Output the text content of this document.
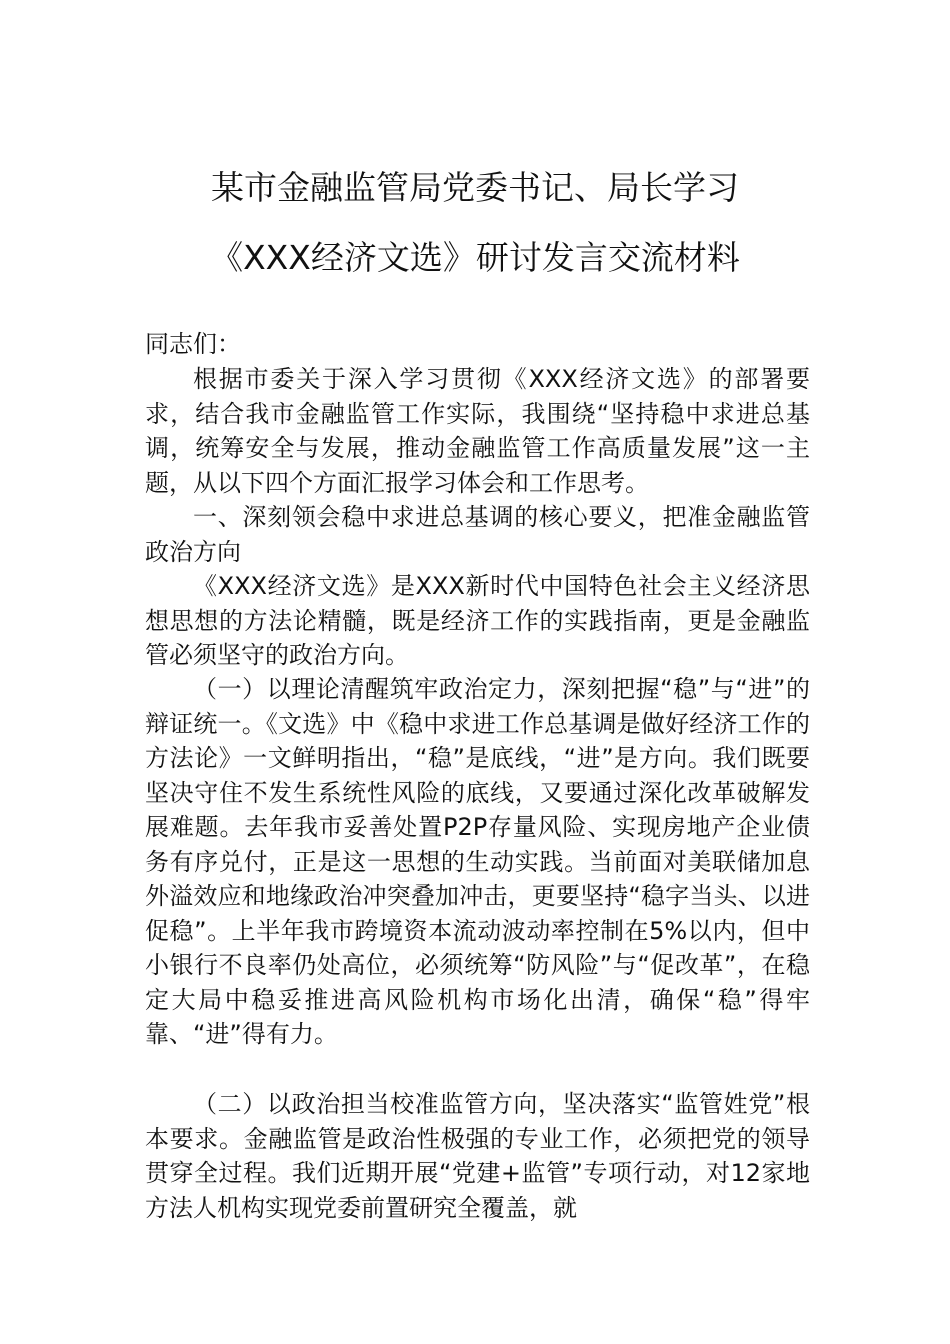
某市金融监管局党委书记、局长学习
《XXX经济文选》研讨发言交流材料
同志们：
根据市委关于深入学习贯彻《XXX经济文选》的部署要求，结合我市金融监管工作实际，我围绕“坚持稳中求进总基调，统筹安全与发展，推动金融监管工作高质量发展”这一主题，从以下四个方面汇报学习体会和工作思考。
一、深刻领会稳中求进总基调的核心要义，把准金融监管政治方向
《XXX经济文选》是XXX新时代中国特色社会主义经济思想思想的方法论精髓，既是经济工作的实践指南，更是金融监管必须坚守的政治方向。
（一）以理论清醒筑牢政治定力，深刻把握“稳”与“进”的辩证统一。《文选》中《稳中求进工作总基调是做好经济工作的方法论》一文鲜明指出，“稳”是底线，“进”是方向。我们既要坚决守住不发生系统性风险的底线，又要通过深化改革破解发展难题。去年我市妥善处置P2P存量风险、实现房地产企业债务有序兑付，正是这一思想的生动实践。当前面对美联储加息外溢效应和地缘政治冲突叠加冲击，更要坚持“稳字当头、以进促稳”。上半年我市跨境资本流动波动率控制在5%以内，但中小银行不良率仍处高位，必须统筹“防风险”与“促改革”，在稳定大局中稳妥推进高风险机构市场化出清，确保“稳”得牢靠、“进”得有力。
（二）以政治担当校准监管方向，坚决落实“监管姓党”根本要求。金融监管是政治性极强的专业工作，必须把党的领导贯穿全过程。我们近期开展“党建+监管”专项行动，对12家地方法人机构实现党委前置研究全覆盖，就
